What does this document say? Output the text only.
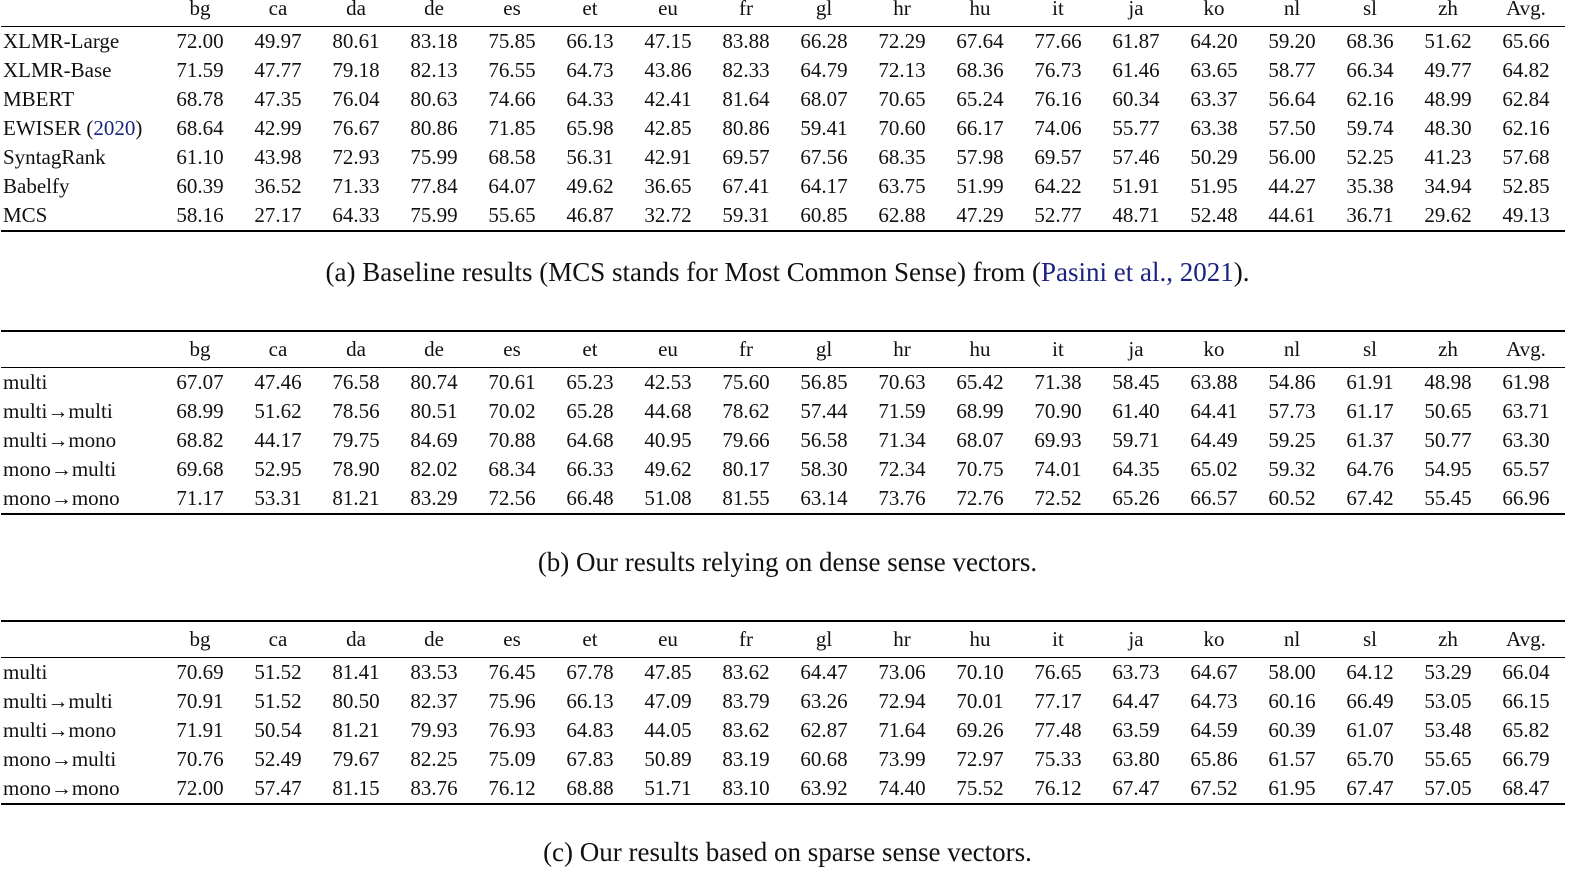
	bg	ca	da	de	es	et	eu	fr	gl	hr	hu	it	ja	ko	nl	sl	zh	Avg.
XLMR-Large	72.00	49.97	80.61	83.18	75.85	66.13	47.15	83.88	66.28	72.29	67.64	77.66	61.87	64.20	59.20	68.36	51.62	65.66
XLMR-Base	71.59	47.77	79.18	82.13	76.55	64.73	43.86	82.33	64.79	72.13	68.36	76.73	61.46	63.65	58.77	66.34	49.77	64.82
MBERT	68.78	47.35	76.04	80.63	74.66	64.33	42.41	81.64	68.07	70.65	65.24	76.16	60.34	63.37	56.64	62.16	48.99	62.84
EWISER (2020)	68.64	42.99	76.67	80.86	71.85	65.98	42.85	80.86	59.41	70.60	66.17	74.06	55.77	63.38	57.50	59.74	48.30	62.16
SyntagRank	61.10	43.98	72.93	75.99	68.58	56.31	42.91	69.57	67.56	68.35	57.98	69.57	57.46	50.29	56.00	52.25	41.23	57.68
Babelfy	60.39	36.52	71.33	77.84	64.07	49.62	36.65	67.41	64.17	63.75	51.99	64.22	51.91	51.95	44.27	35.38	34.94	52.85
MCS	58.16	27.17	64.33	75.99	55.65	46.87	32.72	59.31	60.85	62.88	47.29	52.77	48.71	52.48	44.61	36.71	29.62	49.13
(a) Baseline results (MCS stands for Most Common Sense) from (Pasini et al., 2021).
	bg	ca	da	de	es	et	eu	fr	gl	hr	hu	it	ja	ko	nl	sl	zh	Avg.
multi	67.07	47.46	76.58	80.74	70.61	65.23	42.53	75.60	56.85	70.63	65.42	71.38	58.45	63.88	54.86	61.91	48.98	61.98
multi→multi	68.99	51.62	78.56	80.51	70.02	65.28	44.68	78.62	57.44	71.59	68.99	70.90	61.40	64.41	57.73	61.17	50.65	63.71
multi→mono	68.82	44.17	79.75	84.69	70.88	64.68	40.95	79.66	56.58	71.34	68.07	69.93	59.71	64.49	59.25	61.37	50.77	63.30
mono→multi	69.68	52.95	78.90	82.02	68.34	66.33	49.62	80.17	58.30	72.34	70.75	74.01	64.35	65.02	59.32	64.76	54.95	65.57
mono→mono	71.17	53.31	81.21	83.29	72.56	66.48	51.08	81.55	63.14	73.76	72.76	72.52	65.26	66.57	60.52	67.42	55.45	66.96
(b) Our results relying on dense sense vectors.
	bg	ca	da	de	es	et	eu	fr	gl	hr	hu	it	ja	ko	nl	sl	zh	Avg.
multi	70.69	51.52	81.41	83.53	76.45	67.78	47.85	83.62	64.47	73.06	70.10	76.65	63.73	64.67	58.00	64.12	53.29	66.04
multi→multi	70.91	51.52	80.50	82.37	75.96	66.13	47.09	83.79	63.26	72.94	70.01	77.17	64.47	64.73	60.16	66.49	53.05	66.15
multi→mono	71.91	50.54	81.21	79.93	76.93	64.83	44.05	83.62	62.87	71.64	69.26	77.48	63.59	64.59	60.39	61.07	53.48	65.82
mono→multi	70.76	52.49	79.67	82.25	75.09	67.83	50.89	83.19	60.68	73.99	72.97	75.33	63.80	65.86	61.57	65.70	55.65	66.79
mono→mono	72.00	57.47	81.15	83.76	76.12	68.88	51.71	83.10	63.92	74.40	75.52	76.12	67.47	67.52	61.95	67.47	57.05	68.47
(c) Our results based on sparse sense vectors.
